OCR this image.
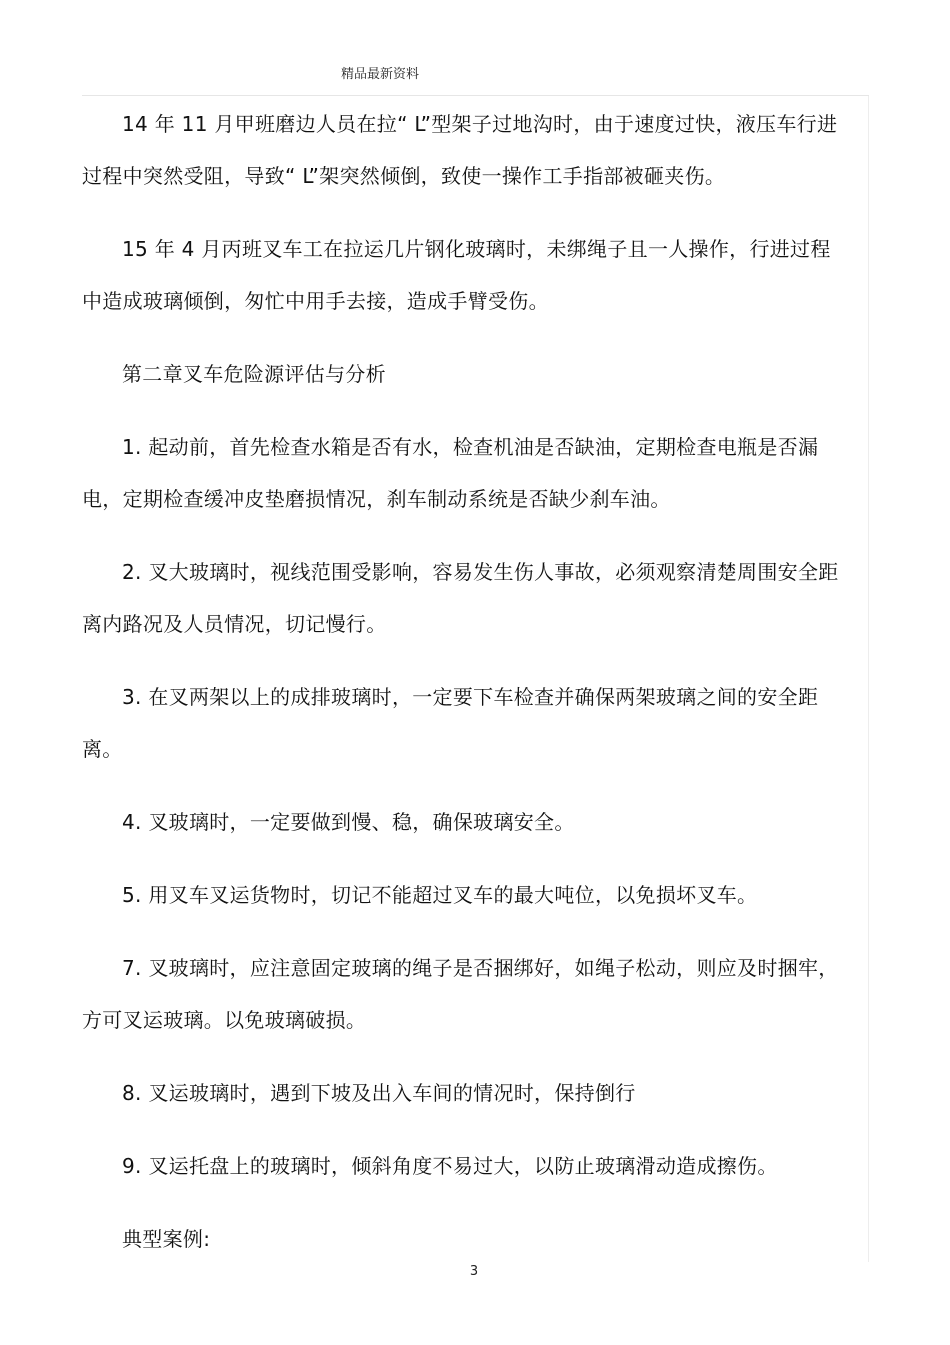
精品最新资料

14 年 11 月甲班磨边人员在拉“ L”型架子过地沟时，由于速度过快，液压车行进过程中突然受阻，导致“ L”架突然倾倒，致使一操作工手指部被砸夹伤。

15 年 4 月丙班叉车工在拉运几片钢化玻璃时，未绑绳子且一人操作，行进过程中造成玻璃倾倒，匆忙中用手去接，造成手臂受伤。

第二章叉车危险源评估与分析

1. 起动前，首先检查水箱是否有水，检查机油是否缺油，定期检查电瓶是否漏电，定期检查缓冲皮垫磨损情况，刹车制动系统是否缺少刹车油。

2. 叉大玻璃时，视线范围受影响，容易发生伤人事故，必须观察清楚周围安全距离内路况及人员情况，切记慢行。

3. 在叉两架以上的成排玻璃时，一定要下车检查并确保两架玻璃之间的安全距离。

4. 叉玻璃时，一定要做到慢、稳，确保玻璃安全。

5. 用叉车叉运货物时，切记不能超过叉车的最大吨位，以免损坏叉车。

7. 叉玻璃时，应注意固定玻璃的绳子是否捆绑好，如绳子松动，则应及时捆牢，方可叉运玻璃。以免玻璃破损。

8. 叉运玻璃时，遇到下坡及出入车间的情况时，保持倒行

9. 叉运托盘上的玻璃时，倾斜角度不易过大，以防止玻璃滑动造成擦伤。

典型案例:

3
